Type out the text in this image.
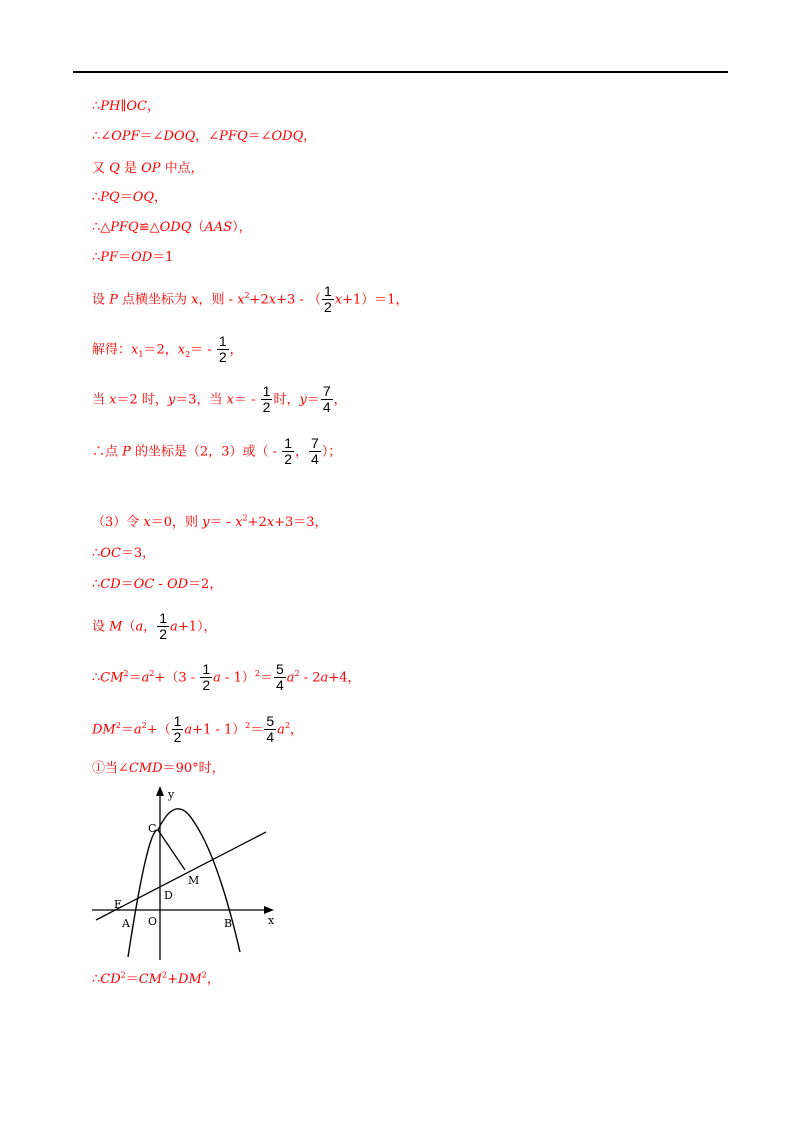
∴PH∥OC，
∴∠OPF＝∠DOQ，∠PFQ＝∠ODQ，
又 Q 是 OP 中点，
∴PQ＝OQ，
∴△PFQ≌△ODQ（AAS），
∴PF＝OD＝1
设 P 点横坐标为 x，则 - $x^2+2x+3$ - （ $\frac{1}{2} x+1)=1$，
解得：$x_1=2$，$x_2= - \frac{1}{2}$ ，
当 x＝2 时，y＝3，当 $x= - \frac{1}{2}$ 时，$y= \frac{7}{4}$ ，
∴点 P 的坐标是（2，3）或（ - $\frac{1}{2}$ ， $\frac{7}{4}$ ）；
（3）令 x＝0，则 $y= - x^2+2x+3=3$，
∴OC＝3，
∴CD＝OC - OD＝2，
设 M（a， $\frac{1}{2} a+1$），
$\therefore CM^2=a^2+(3 - \frac{1}{2}$ $a - 1)^2= \frac{5}{4} a^2 - 2a+4$，
$DM^2=a^2+( \frac{1}{2} a+1 - 1)^2= \frac{5}{4} a^2$，
①当∠CMD＝90°时，
y
x
C
M
D
E
O
A	B
$\therefore CD^2=CM^2+DM^2$，
